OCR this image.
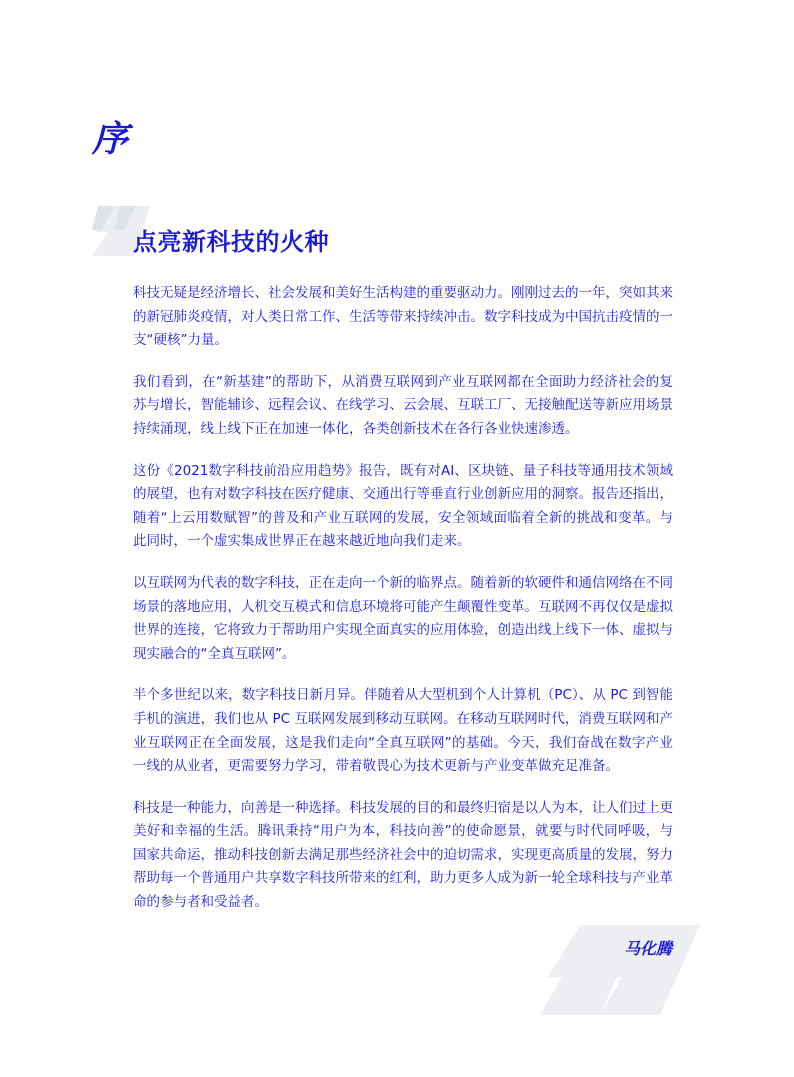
序
点亮新科技的火种

科技无疑是经济增长、社会发展和美好生活构建的重要驱动力。刚刚过去的一年，突如其来的新冠肺炎疫情，对人类日常工作、生活等带来持续冲击。数字科技成为中国抗击疫情的一支“硬核”力量。

我们看到，在“新基建”的帮助下，从消费互联网到产业互联网都在全面助力经济社会的复苏与增长，智能辅诊、远程会议、在线学习、云会展、互联工厂、无接触配送等新应用场景持续涌现，线上线下正在加速一体化，各类创新技术在各行各业快速渗透。

这份《2021数字科技前沿应用趋势》报告，既有对AI、区块链、量子科技等通用技术领域的展望，也有对数字科技在医疗健康、交通出行等垂直行业创新应用的洞察。报告还指出，随着“上云用数赋智”的普及和产业互联网的发展，安全领域面临着全新的挑战和变革。与此同时，一个虚实集成世界正在越来越近地向我们走来。

以互联网为代表的数字科技，正在走向一个新的临界点。随着新的软硬件和通信网络在不同场景的落地应用，人机交互模式和信息环境将可能产生颠覆性变革。互联网不再仅仅是虚拟世界的连接，它将致力于帮助用户实现全面真实的应用体验，创造出线上线下一体、虚拟与现实融合的“全真互联网”。

半个多世纪以来，数字科技日新月异。伴随着从大型机到个人计算机（PC）、从 PC 到智能手机的演进，我们也从 PC 互联网发展到移动互联网。在移动互联网时代，消费互联网和产业互联网正在全面发展，这是我们走向“全真互联网”的基础。今天，我们奋战在数字产业一线的从业者，更需要努力学习，带着敬畏心为技术更新与产业变革做充足准备。

科技是一种能力，向善是一种选择。科技发展的目的和最终归宿是以人为本，让人们过上更美好和幸福的生活。腾讯秉持“用户为本，科技向善”的使命愿景，就要与时代同呼吸，与国家共命运，推动科技创新去满足那些经济社会中的迫切需求，实现更高质量的发展，努力帮助每一个普通用户共享数字科技所带来的红利，助力更多人成为新一轮全球科技与产业革命的参与者和受益者。

马化腾
